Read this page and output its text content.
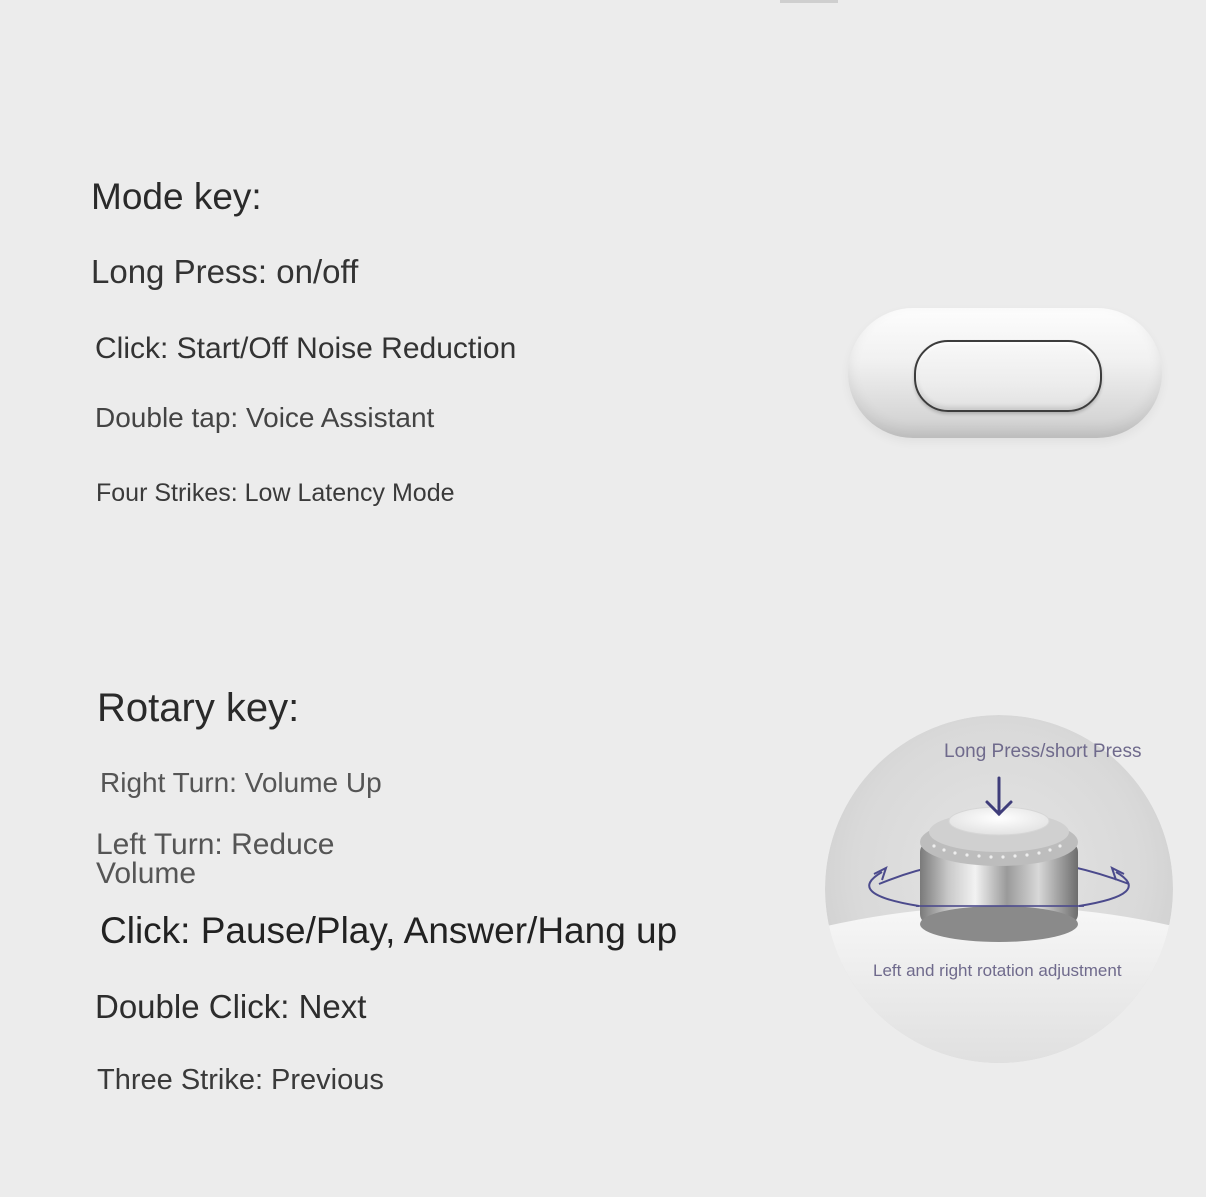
Mode key:

Long Press: on/off

Click: Start/Off Noise Reduction

Double tap: Voice Assistant

Four Strikes: Low Latency Mode

Rotary key:

Right Turn: Volume Up

Left Turn: Reduce Volume

Click: Pause/Play, Answer/Hang up

Double Click: Next

Three Strike: Previous

Long Press/short Press
Left and right rotation adjustment
